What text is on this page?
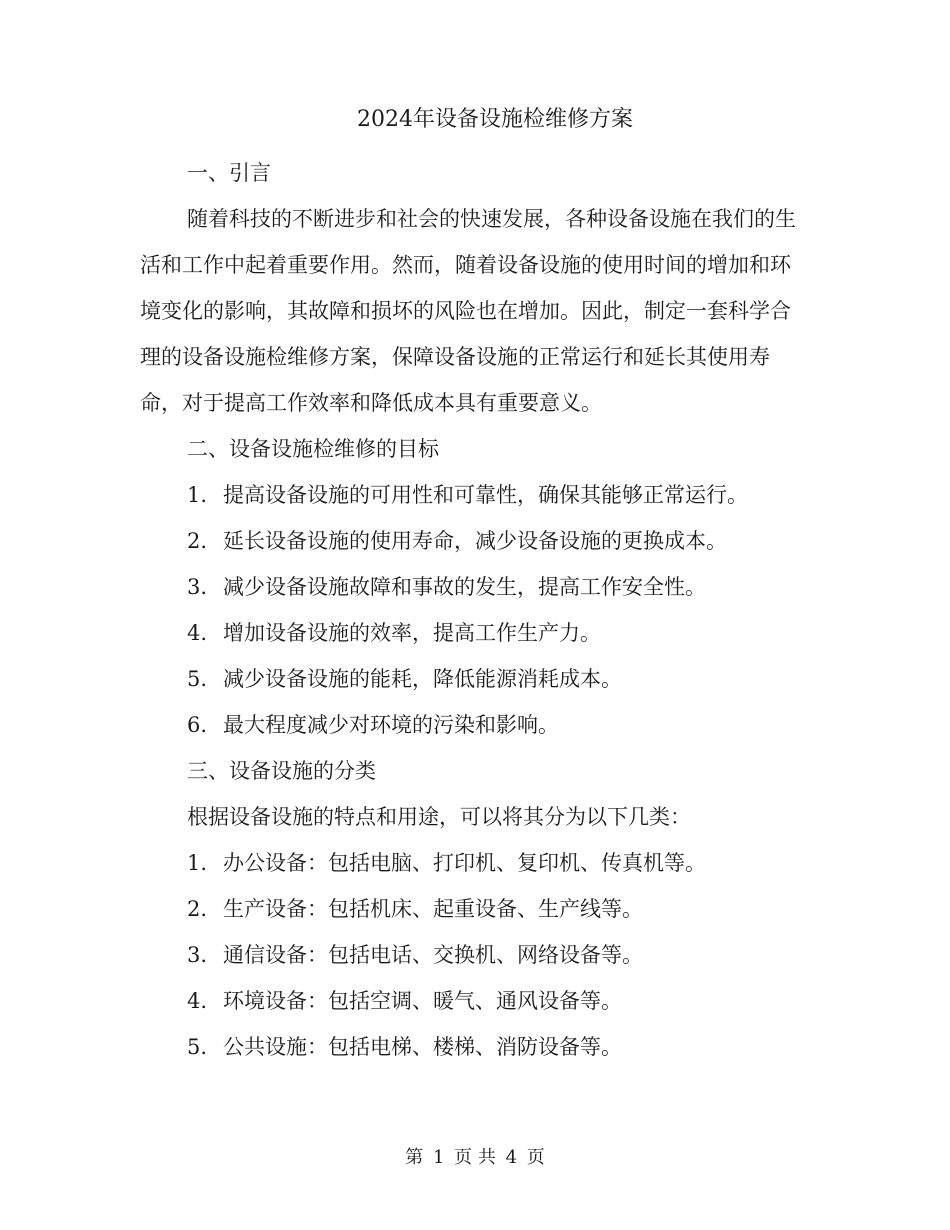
2024年设备设施检维修方案

一、引言

随着科技的不断进步和社会的快速发展，各种设备设施在我们的生活和工作中起着重要作用。然而，随着设备设施的使用时间的增加和环境变化的影响，其故障和损坏的风险也在增加。因此，制定一套科学合理的设备设施检维修方案，保障设备设施的正常运行和延长其使用寿命，对于提高工作效率和降低成本具有重要意义。

二、设备设施检维修的目标

1. 提高设备设施的可用性和可靠性，确保其能够正常运行。

2. 延长设备设施的使用寿命，减少设备设施的更换成本。

3. 减少设备设施故障和事故的发生，提高工作安全性。

4. 增加设备设施的效率，提高工作生产力。

5. 减少设备设施的能耗，降低能源消耗成本。

6. 最大程度减少对环境的污染和影响。

三、设备设施的分类

根据设备设施的特点和用途，可以将其分为以下几类：

1. 办公设备：包括电脑、打印机、复印机、传真机等。

2. 生产设备：包括机床、起重设备、生产线等。

3. 通信设备：包括电话、交换机、网络设备等。

4. 环境设备：包括空调、暖气、通风设备等。

5. 公共设施：包括电梯、楼梯、消防设备等。

第 1 页 共 4 页
